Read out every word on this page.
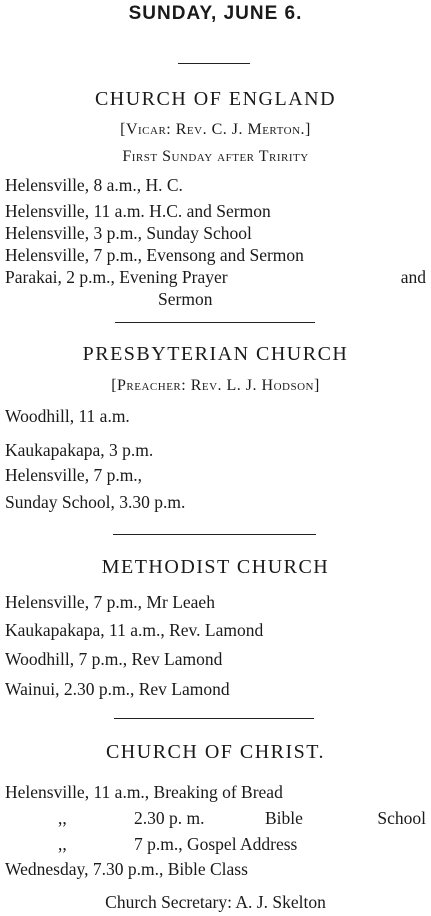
SUNDAY, JUNE 6.
CHURCH OF ENGLAND
[Vicar: Rev. C. J. Merton.]
First Sunday after Tririty
Helensville, 8 a.m., H. C.
Helensville, 11 a.m. H.C. and Sermon
Helensville, 3 p.m., Sunday School
Helensville, 7 p.m., Evensong and Sermon
Parakai, 2 p.m., Evening Prayer	and
Sermon
PRESBYTERIAN CHURCH
[Preacher: Rev. L. J. Hodson]
Woodhill, 11 a.m.
Kaukapakapa, 3 p.m.
Helensville, 7 p.m.,
Sunday School, 3.30 p.m.
METHODIST CHURCH
Helensville, 7 p.m., Mr Leaeh
Kaukapakapa, 11 a.m., Rev. Lamond
Woodhill, 7 p.m., Rev Lamond
Wainui, 2.30 p.m., Rev Lamond
CHURCH OF CHRIST.
Helensville, 11 a.m., Breaking of Bread
,,	2.30 p. m.	Bible	School
,,	7 p.m., Gospel Address
Wednesday, 7.30 p.m., Bible Class
Church Secretary: A. J. Skelton
